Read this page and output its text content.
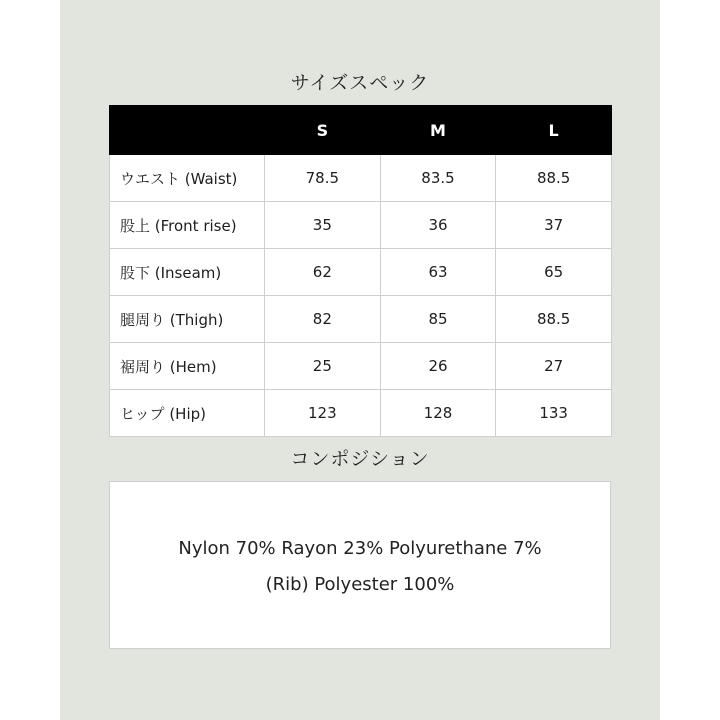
サイズスペック
	S	M	L
ウエスト (Waist)	78.5	83.5	88.5
股上 (Front rise)	35	36	37
股下 (Inseam)	62	63	65
腿周り (Thigh)	82	85	88.5
裾周り (Hem)	25	26	27
ヒップ (Hip)	123	128	133
コンポジション
Nylon 70% Rayon 23% Polyurethane 7%
(Rib) Polyester 100%
